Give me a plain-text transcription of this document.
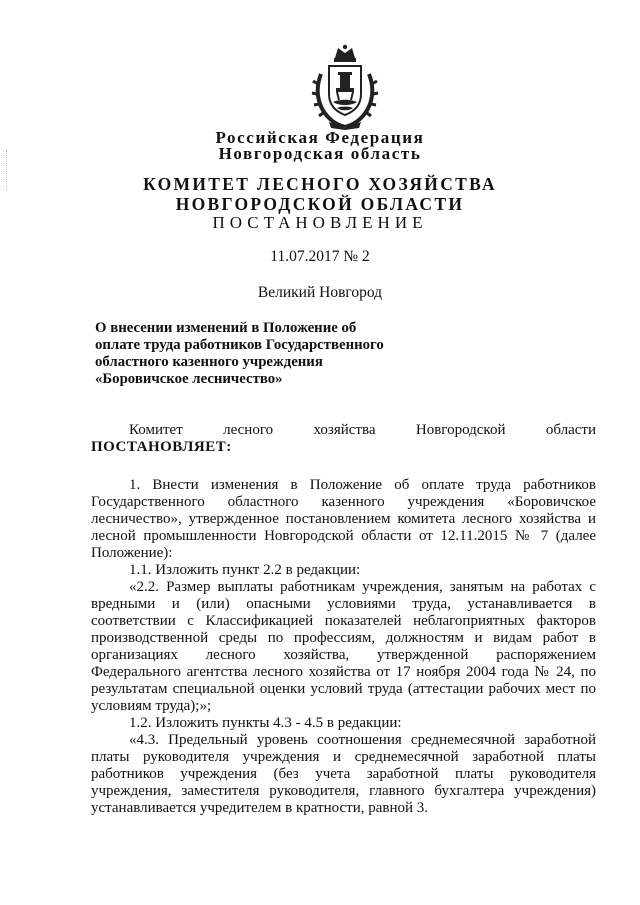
Российская Федерация
Новгородская область
КОМИТЕТ ЛЕСНОГО ХОЗЯЙСТВА
НОВГОРОДСКОЙ ОБЛАСТИ
ПОСТАНОВЛЕНИЕ
11.07.2017 № 2
Великий Новгород
О внесении изменений в Положение об
оплате труда работников Государственного
областного казенного учреждения
«Боровичское лесничество»
Комитет лесного хозяйства Новгородской области
ПОСТАНОВЛЯЕТ:
1. Внести изменения в Положение об оплате труда работников
Государственного областного казенного учреждения «Боровичское
лесничество», утвержденное постановлением комитета лесного хозяйства и
лесной промышленности Новгородской области от 12.11.2015 № 7 (далее
Положение):
1.1. Изложить пункт 2.2 в редакции:
«2.2. Размер выплаты работникам учреждения, занятым на работах с
вредными и (или) опасными условиями труда, устанавливается в
соответствии с Классификацией показателей неблагоприятных факторов
производственной среды по профессиям, должностям и видам работ в
организациях лесного хозяйства, утвержденной распоряжением
Федерального агентства лесного хозяйства от 17 ноября 2004 года № 24, по
результатам специальной оценки условий труда (аттестации рабочих мест по
условиям труда);»;
1.2. Изложить пункты 4.3 - 4.5 в редакции:
«4.3. Предельный уровень соотношения среднемесячной заработной
платы руководителя учреждения и среднемесячной заработной платы
работников учреждения (без учета заработной платы руководителя
учреждения, заместителя руководителя, главного бухгалтера учреждения)
устанавливается учредителем в кратности, равной 3.
